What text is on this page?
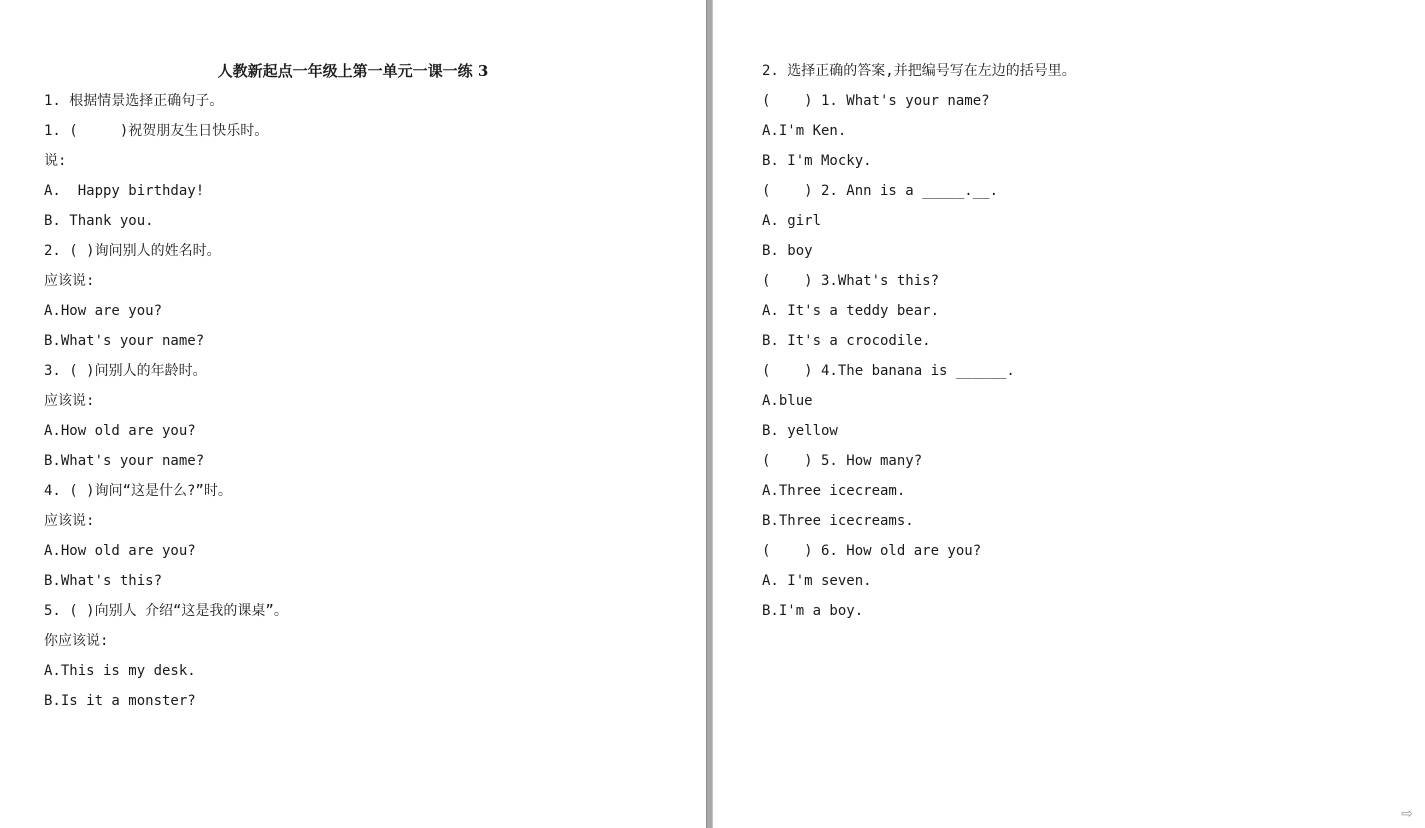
人教新起点一年级上第一单元一课一练 3
1. 根据情景选择正确句子。
1. (     )祝贺朋友生日快乐时。
说:
A.  Happy birthday!
B. Thank you.
2. ( )询问别人的姓名时。
应该说:
A.How are you?
B.What's your name?
3. ( )问别人的年龄时。
应该说:
A.How old are you?
B.What's your name?
4. ( )询问“这是什么?”时。
应该说:
A.How old are you?
B.What's this?
5. ( )向别人 介绍“这是我的课桌”。
你应该说:
A.This is my desk.
B.Is it a monster?
2. 选择正确的答案,并把编号写在左边的括号里。
(    ) 1. What's your name?
A.I'm Ken.
B. I'm Mocky.
(    ) 2. Ann is a _____.__.
A. girl
B. boy
(    ) 3.What's this?
A. It's a teddy bear.
B. It's a crocodile.
(    ) 4.The banana is ______.
A.blue
B. yellow
(    ) 5. How many?
A.Three icecream.
B.Three icecreams.
(    ) 6. How old are you?
A. I'm seven.
B.I'm a boy.
⇨
